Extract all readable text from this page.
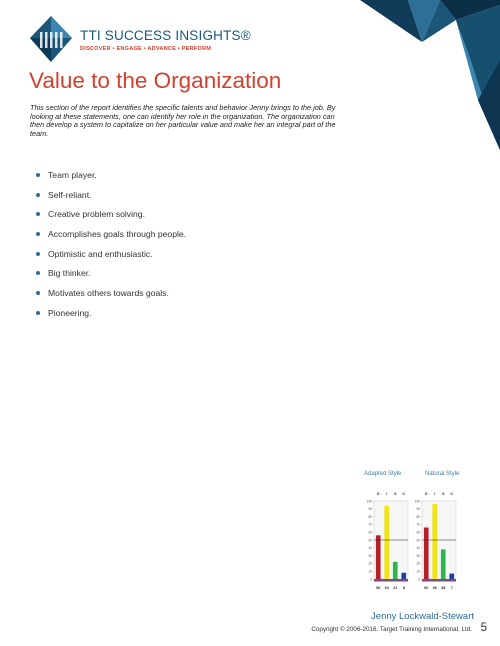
TTI SUCCESS INSIGHTS®
DISCOVER • ENGAGE • ADVANCE • PERFORM
Value to the Organization

This section of the report identifies the specific talents and behavior Jenny brings to the job. By looking at these statements, one can identify her role in the organization. The organization can then develop a system to capitalize on her particular value and make her an integral part of the team.

Team player.
Self-reliant.
Creative problem solving.
Accomplishes goals through people.
Optimistic and enthusiastic.
Big thinker.
Motivates others towards goals.
Pioneering.
Adapted Style	Natural Style
0
10
20
30
40
50
60
70
80
90
100
D
56
I
94
S
22
C
8
0
10
20
30
40
50
60
70
80
90
100
D
66
I
96
S
38
C
7
Jenny Lockwald-Stewart
Copyright © 2006-2016. Target Training International, Ltd. 5
